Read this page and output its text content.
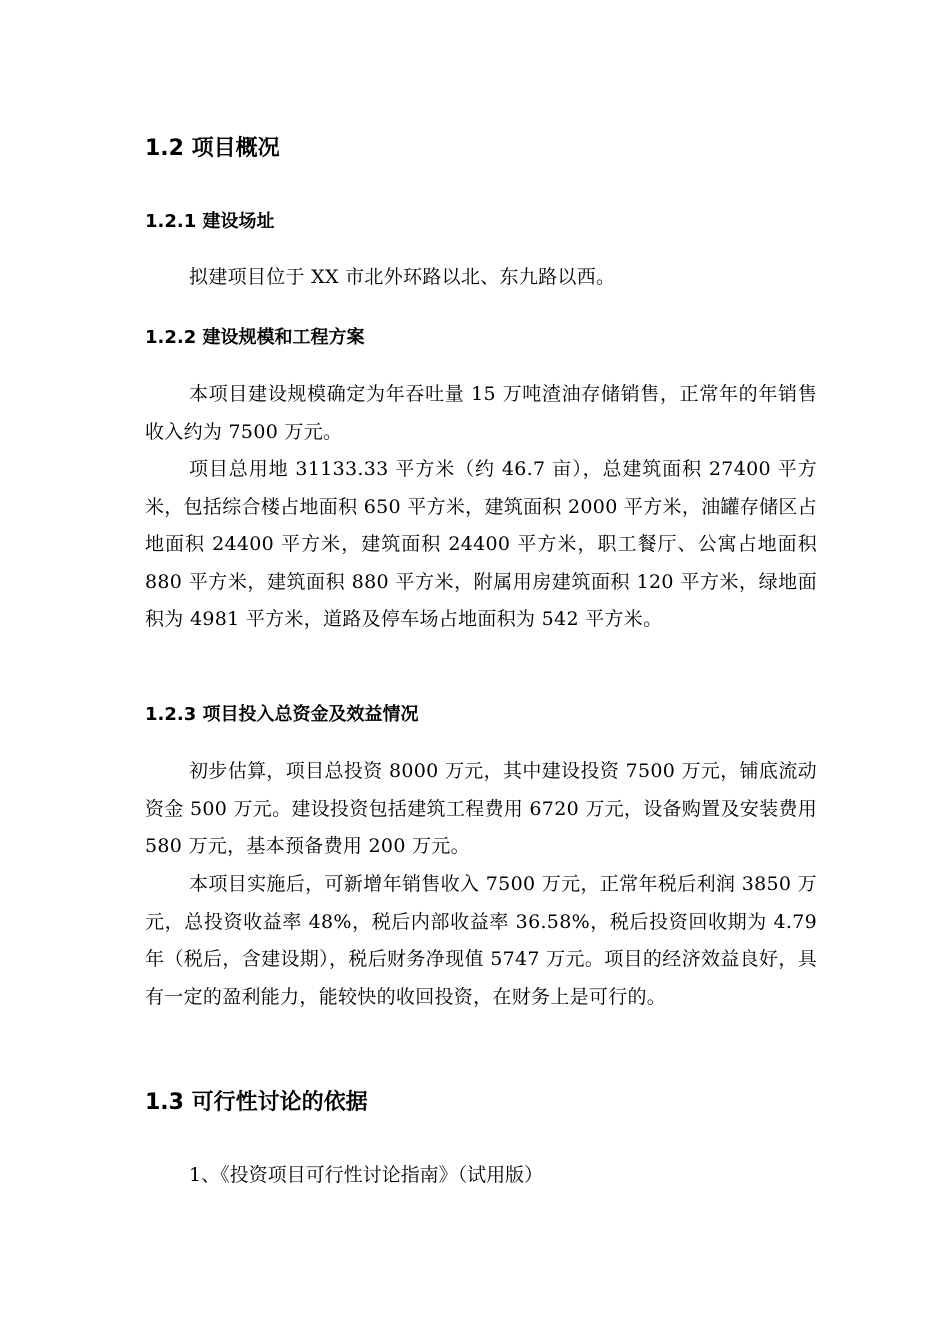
1.2 项目概况
1.2.1 建设场址
拟建项目位于 XX 市北外环路以北、东九路以西。
1.2.2 建设规模和工程方案
本项目建设规模确定为年吞吐量 15 万吨渣油存储销售，正常年的年销售收入约为 7500 万元。
项目总用地 31133.33 平方米（约 46.7 亩），总建筑面积 27400 平方米，包括综合楼占地面积 650 平方米，建筑面积 2000 平方米，油罐存储区占地面积 24400 平方米，建筑面积 24400 平方米，职工餐厅、公寓占地面积 880 平方米，建筑面积 880 平方米，附属用房建筑面积 120 平方米，绿地面积为 4981 平方米，道路及停车场占地面积为 542 平方米。
1.2.3 项目投入总资金及效益情况
初步估算，项目总投资 8000 万元，其中建设投资 7500 万元，铺底流动资金 500 万元。建设投资包括建筑工程费用 6720 万元，设备购置及安装费用 580 万元，基本预备费用 200 万元。
本项目实施后，可新增年销售收入 7500 万元，正常年税后利润 3850 万元，总投资收益率 48%，税后内部收益率 36.58%，税后投资回收期为 4.79 年（税后，含建设期），税后财务净现值 5747 万元。项目的经济效益良好，具有一定的盈利能力，能较快的收回投资，在财务上是可行的。
1.3 可行性讨论的依据
1、《投资项目可行性讨论指南》（试用版）
